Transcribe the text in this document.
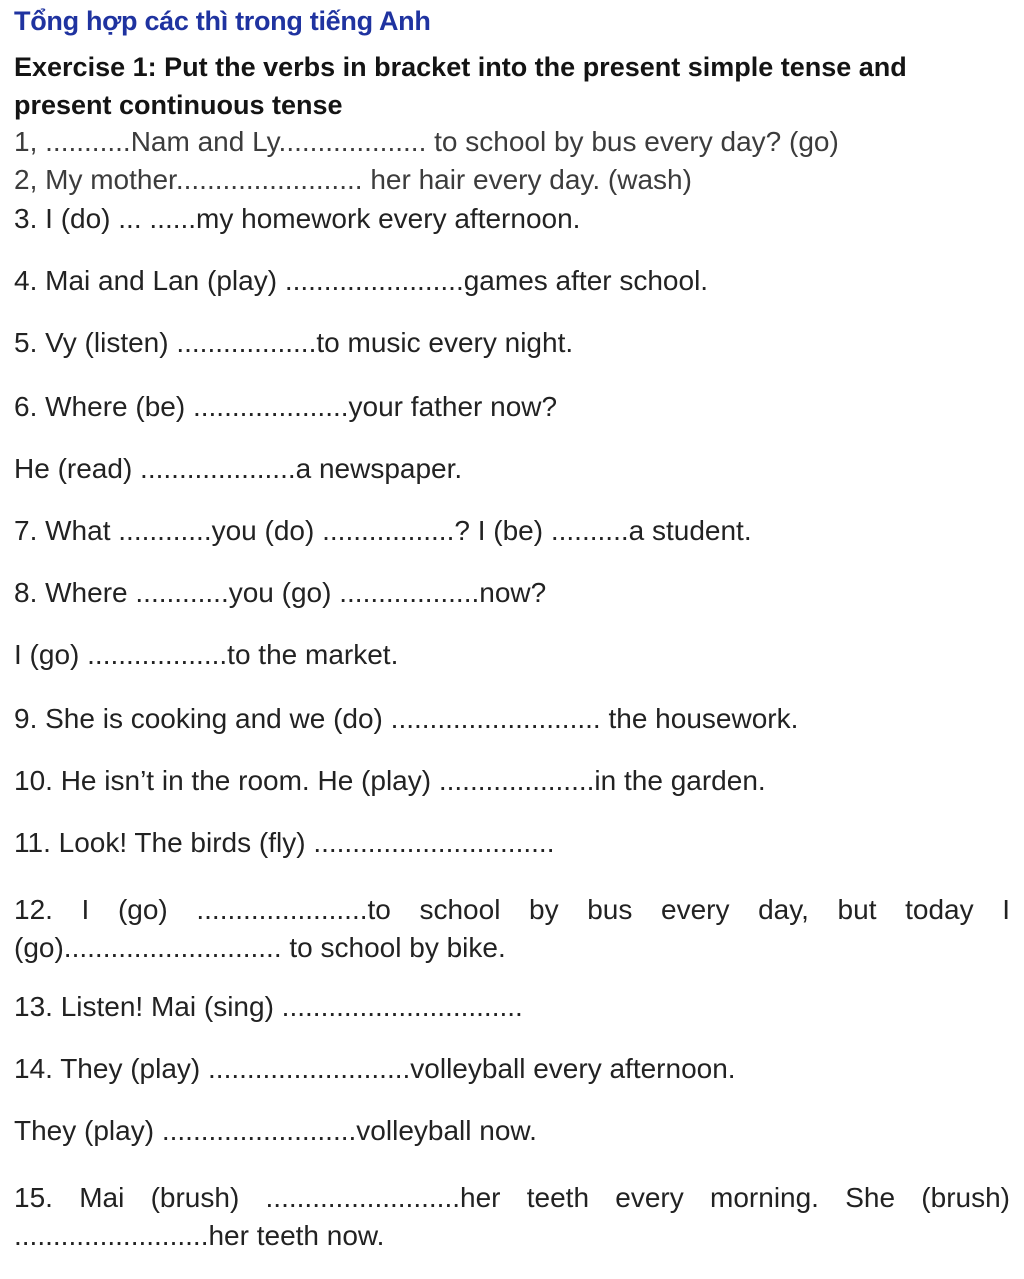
Tổng hợp các thì trong tiếng Anh
Exercise 1: Put the verbs in bracket into the present simple tense and present continuous tense
1, ...........Nam and Ly................... to school by bus every day? (go)
2, My mother........................ her hair every day. (wash)
3. I (do) ... ......my homework every afternoon.
4. Mai and Lan (play) .......................games after school.
5. Vy (listen) ..................to music every night.
6. Where (be) ....................your father now?
He (read) ....................a newspaper.
7. What ............you (do) .................? I (be) ..........a student.
8. Where ............you (go) ..................now?
I (go) ..................to the market.
9. She is cooking and we (do) ........................... the housework.
10. He isn’t in the room. He (play) ....................in the garden.
11. Look! The birds (fly) ...............................
12. I (go) ......................to school by bus every day, but today I
(go)............................ to school by bike.
13. Listen! Mai (sing) ...............................
14. They (play) ..........................volleyball every afternoon.
They (play) .........................volleyball now.
15. Mai (brush) .........................her teeth every morning. She (brush)
.........................her teeth now.
